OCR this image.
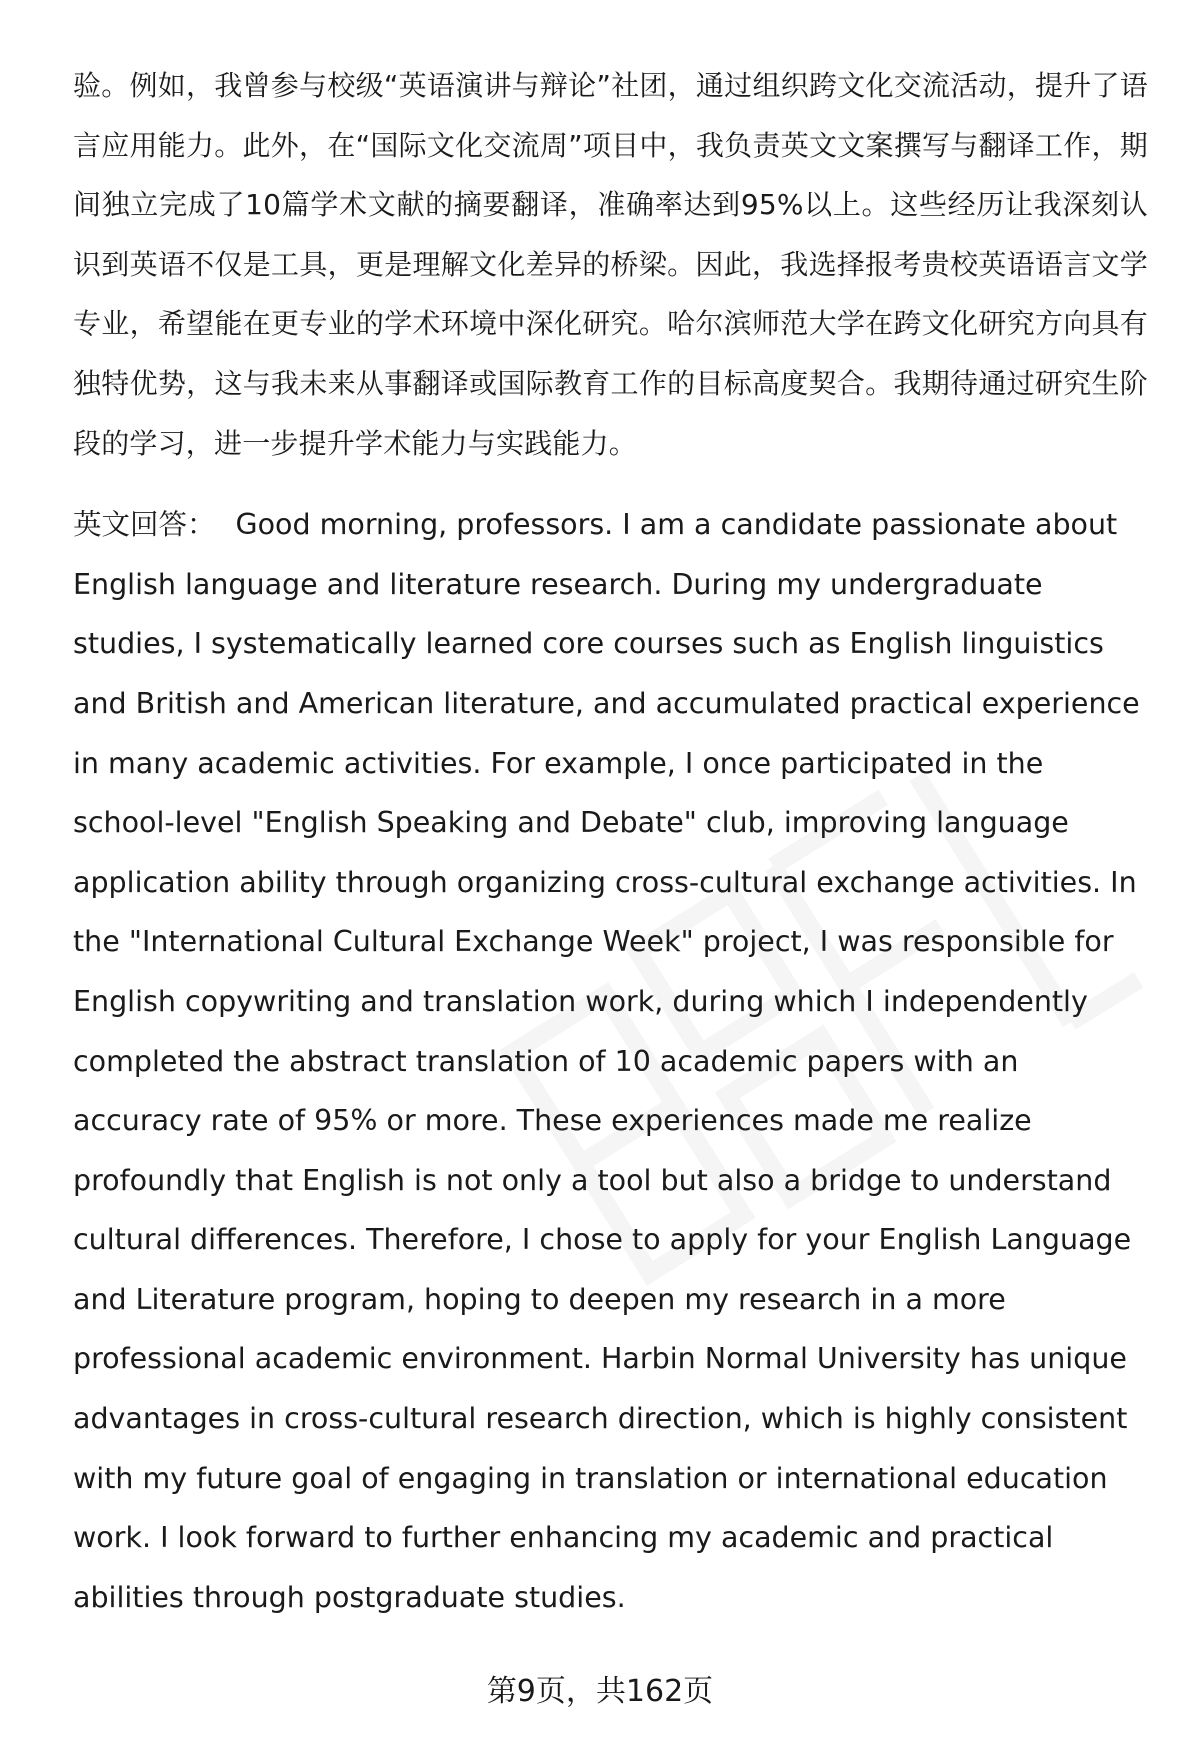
验。例如，我曾参与校级“英语演讲与辩论”社团，通过组织跨文化交流活动，提升了语言应用能力。此外，在“国际文化交流周”项目中，我负责英文文案撰写与翻译工作，期间独立完成了10篇学术文献的摘要翻译，准确率达到95%以上。这些经历让我深刻认识到英语不仅是工具，更是理解文化差异的桥梁。因此，我选择报考贵校英语语言文学专业，希望能在更专业的学术环境中深化研究。哈尔滨师范大学在跨文化研究方向具有独特优势，这与我未来从事翻译或国际教育工作的目标高度契合。我期待通过研究生阶段的学习，进一步提升学术能力与实践能力。

英文回答： Good morning, professors. I am a candidate passionate about English language and literature research. During my undergraduate studies, I systematically learned core courses such as English linguistics and British and American literature, and accumulated practical experience in many academic activities. For example, I once participated in the school-level "English Speaking and Debate" club, improving language application ability through organizing cross-cultural exchange activities. In the "International Cultural Exchange Week" project, I was responsible for English copywriting and translation work, during which I independently completed the abstract translation of 10 academic papers with an accuracy rate of 95% or more. These experiences made me realize profoundly that English is not only a tool but also a bridge to understand cultural differences. Therefore, I chose to apply for your English Language and Literature program, hoping to deepen my research in a more professional academic environment. Harbin Normal University has unique advantages in cross-cultural research direction, which is highly consistent with my future goal of engaging in translation or international education work. I look forward to further enhancing my academic and practical abilities through postgraduate studies.

第9页，共162页
